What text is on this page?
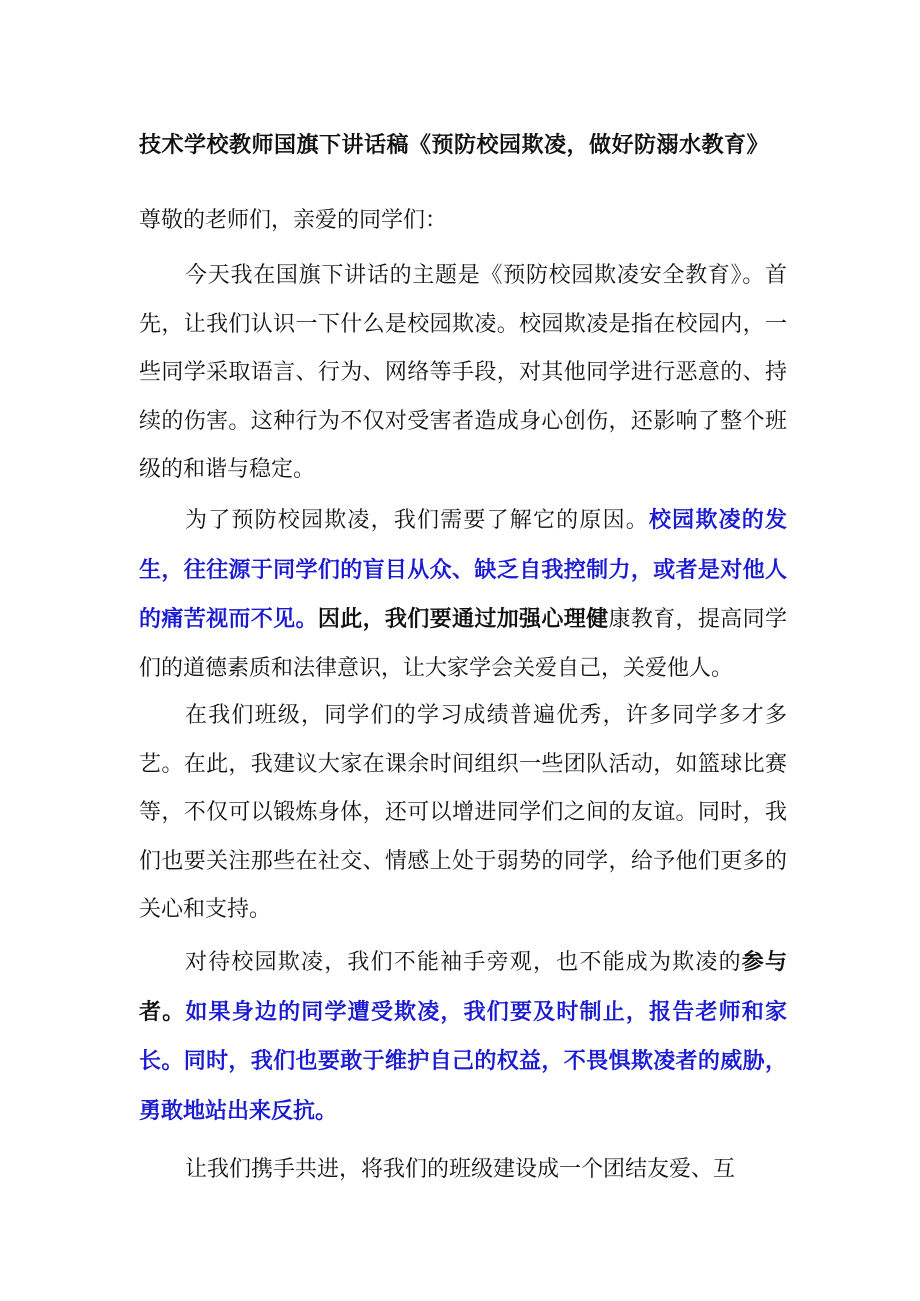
技术学校教师国旗下讲话稿《预防校园欺凌，做好防溺水教育》
尊敬的老师们，亲爱的同学们：

今天我在国旗下讲话的主题是《预防校园欺凌安全教育》。首先，让我们认识一下什么是校园欺凌。校园欺凌是指在校园内，一些同学采取语言、行为、网络等手段，对其他同学进行恶意的、持续的伤害。这种行为不仅对受害者造成身心创伤，还影响了整个班级的和谐与稳定。

为了预防校园欺凌，我们需要了解它的原因。校园欺凌的发生，往往源于同学们的盲目从众、缺乏自我控制力，或者是对他人的痛苦视而不见。因此，我们要通过加强心理健康教育，提高同学们的道德素质和法律意识，让大家学会关爱自己，关爱他人。

在我们班级，同学们的学习成绩普遍优秀，许多同学多才多艺。在此，我建议大家在课余时间组织一些团队活动，如篮球比赛等，不仅可以锻炼身体，还可以增进同学们之间的友谊。同时，我们也要关注那些在社交、情感上处于弱势的同学，给予他们更多的关心和支持。

对待校园欺凌，我们不能袖手旁观，也不能成为欺凌的参与者。如果身边的同学遭受欺凌，我们要及时制止，报告老师和家长。同时，我们也要敢于维护自己的权益，不畏惧欺凌者的威胁，勇敢地站出来反抗。

让我们携手共进，将我们的班级建设成一个团结友爱、互
